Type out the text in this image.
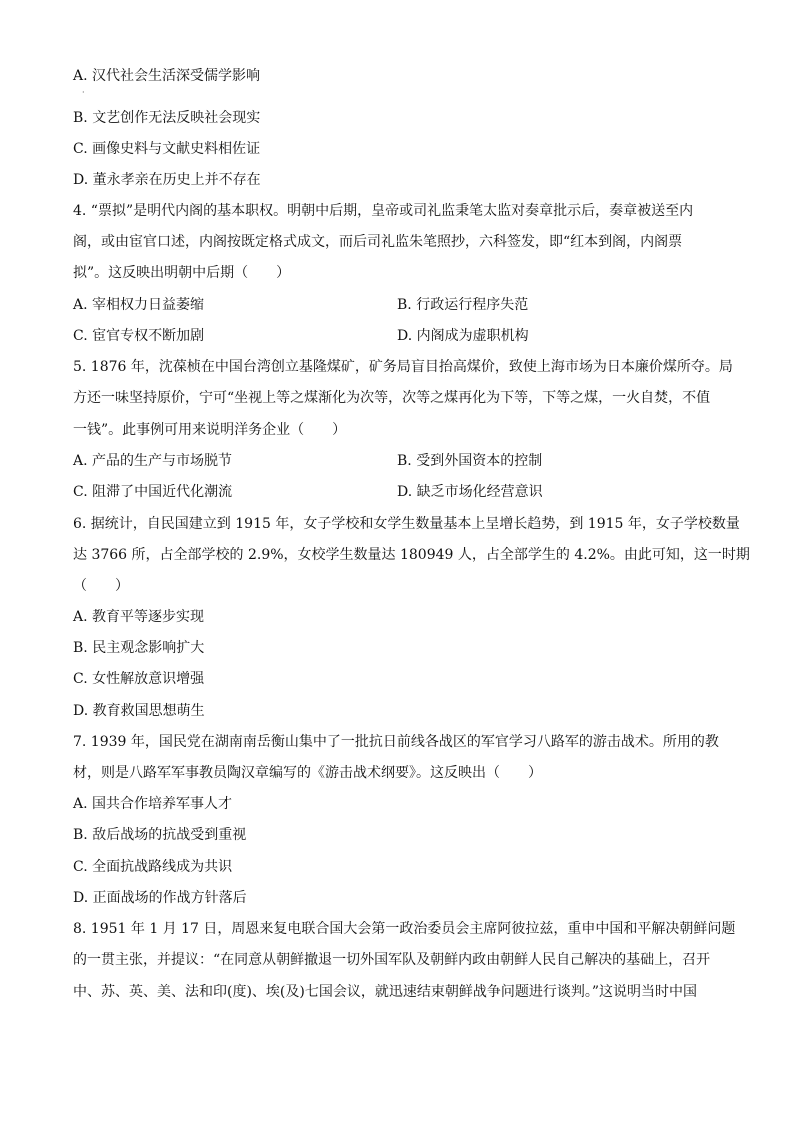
A. 汉代社会生活深受儒学影响
·
B. 文艺创作无法反映社会现实
C. 画像史料与文献史料相佐证
D. 董永孝亲在历史上并不存在
4. “票拟”是明代内阁的基本职权。明朝中后期，皇帝或司礼监秉笔太监对奏章批示后，奏章被送至内
阁，或由宦官口述，内阁按既定格式成文，而后司礼监朱笔照抄，六科签发，即“红本到阁，内阁票
拟”。这反映出明朝中后期（　　）
A. 宰相权力日益萎缩	B. 行政运行程序失范
C. 宦官专权不断加剧	D. 内阁成为虚职机构
5. 1876 年，沈葆桢在中国台湾创立基隆煤矿，矿务局盲目抬高煤价，致使上海市场为日本廉价煤所夺。局
方还一味坚持原价，宁可“坐视上等之煤渐化为次等，次等之煤再化为下等，下等之煤，一火自焚，不值
一钱”。此事例可用来说明洋务企业（　　）
A. 产品的生产与市场脱节	B. 受到外国资本的控制
C. 阻滞了中国近代化潮流	D. 缺乏市场化经营意识
6. 据统计，自民国建立到 1915 年，女子学校和女学生数量基本上呈增长趋势，到 1915 年，女子学校数量
达 3766 所，占全部学校的 2.9%，女校学生数量达 180949 人，占全部学生的 4.2%。由此可知，这一时期
（　　）
A. 教育平等逐步实现
B. 民主观念影响扩大
C. 女性解放意识增强
D. 教育救国思想萌生
7. 1939 年，国民党在湖南南岳衡山集中了一批抗日前线各战区的军官学习八路军的游击战术。所用的教
材，则是八路军军事教员陶汉章编写的《游击战术纲要》。这反映出（　　）
A. 国共合作培养军事人才
B. 敌后战场的抗战受到重视
C. 全面抗战路线成为共识
D. 正面战场的作战方针落后
8. 1951 年 1 月 17 日，周恩来复电联合国大会第一政治委员会主席阿彼拉兹，重申中国和平解决朝鲜问题
的一贯主张，并提议：“在同意从朝鲜撤退一切外国军队及朝鲜内政由朝鲜人民自己解决的基础上，召开
中、苏、英、美、法和印(度)、埃(及)七国会议，就迅速结束朝鲜战争问题进行谈判。”这说明当时中国
